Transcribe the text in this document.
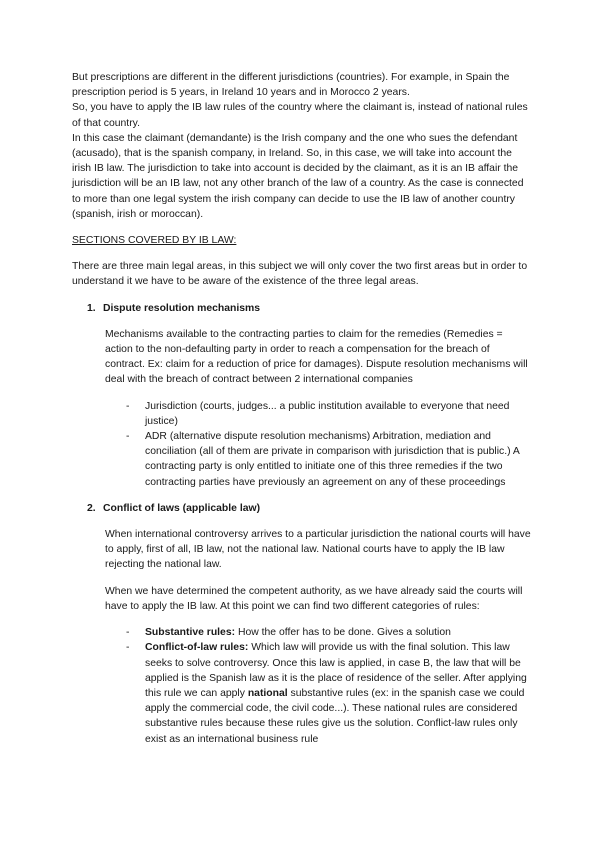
But prescriptions are different in the different jurisdictions (countries). For example, in Spain the prescription period is 5 years, in Ireland 10 years and in Morocco 2 years.

So, you have to apply the IB law rules of the country where the claimant is, instead of national rules of that country.

In this case the claimant (demandante) is the Irish company and the one who sues the defendant (acusado), that is the spanish company, in Ireland. So, in this case, we will take into account the irish IB law. The jurisdiction to take into account is decided by the claimant, as it is an IB affair the jurisdiction will be an IB law, not any other branch of the law of a country. As the case is connected to more than one legal system the irish company can decide to use the IB law of another country (spanish, irish or moroccan).

SECTIONS COVERED BY IB LAW:

There are three main legal areas, in this subject we will only cover the two first areas but in order to understand it we have to be aware of the existence of the three legal areas.

1. Dispute resolution mechanisms

Mechanisms available to the contracting parties to claim for the remedies (Remedies = action to the non-defaulting party in order to reach a compensation for the breach of contract. Ex: claim for a reduction of price for damages). Dispute resolution mechanisms will deal with the breach of contract between 2 international companies

- Jurisdiction (courts, judges... a public institution available to everyone that need justice)
- ADR (alternative dispute resolution mechanisms) Arbitration, mediation and conciliation (all of them are private in comparison with jurisdiction that is public.) A contracting party is only entitled to initiate one of this three remedies if the two contracting parties have previously an agreement on any of these proceedings
2. Conflict of laws (applicable law)

When international controversy arrives to a particular jurisdiction the national courts will have to apply, first of all, IB law, not the national law. National courts have to apply the IB law rejecting the national law.

When we have determined the competent authority, as we have already said the courts will have to apply the IB law. At this point we can find two different categories of rules:

- Substantive rules: How the offer has to be done. Gives a solution
- Conflict-of-law rules: Which law will provide us with the final solution. This law seeks to solve controversy. Once this law is applied, in case B, the law that will be applied is the Spanish law as it is the place of residence of the seller. After applying this rule we can apply national substantive rules (ex: in the spanish case we could apply the commercial code, the civil code...). These national rules are considered substantive rules because these rules give us the solution. Conflict-law rules only exist as an international business rule
